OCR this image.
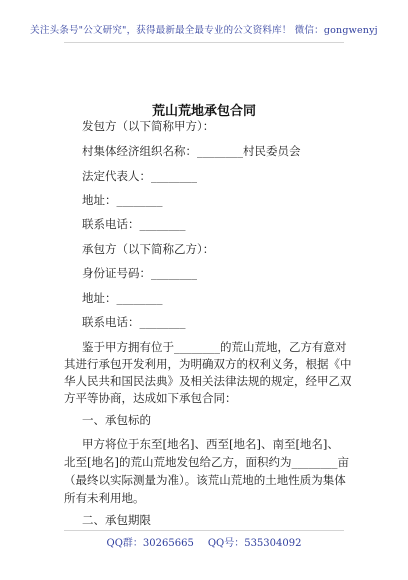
关注头条号"公文研究"，获得最新最全最专业的公文资料库！ 微信：gongwenyj
荒山荒地承包合同
发包方（以下简称甲方）：
村集体经济组织名称：________村民委员会
法定代表人：________
地址：________
联系电话：________
承包方（以下简称乙方）：
身份证号码：________
地址：________
联系电话：________
鉴于甲方拥有位于________的荒山荒地，乙方有意对
其进行承包开发利用，为明确双方的权利义务，根据《中
华人民共和国民法典》及相关法律法规的规定，经甲乙双
方平等协商，达成如下承包合同：
一、承包标的
甲方将位于东至[地名]、西至[地名]、南至[地名]、
北至[地名]的荒山荒地发包给乙方，面积约为________亩
（最终以实际测量为准）。该荒山荒地的土地性质为集体
所有未利用地。
二、承包期限
QQ群：30265665 QQ号：535304092
